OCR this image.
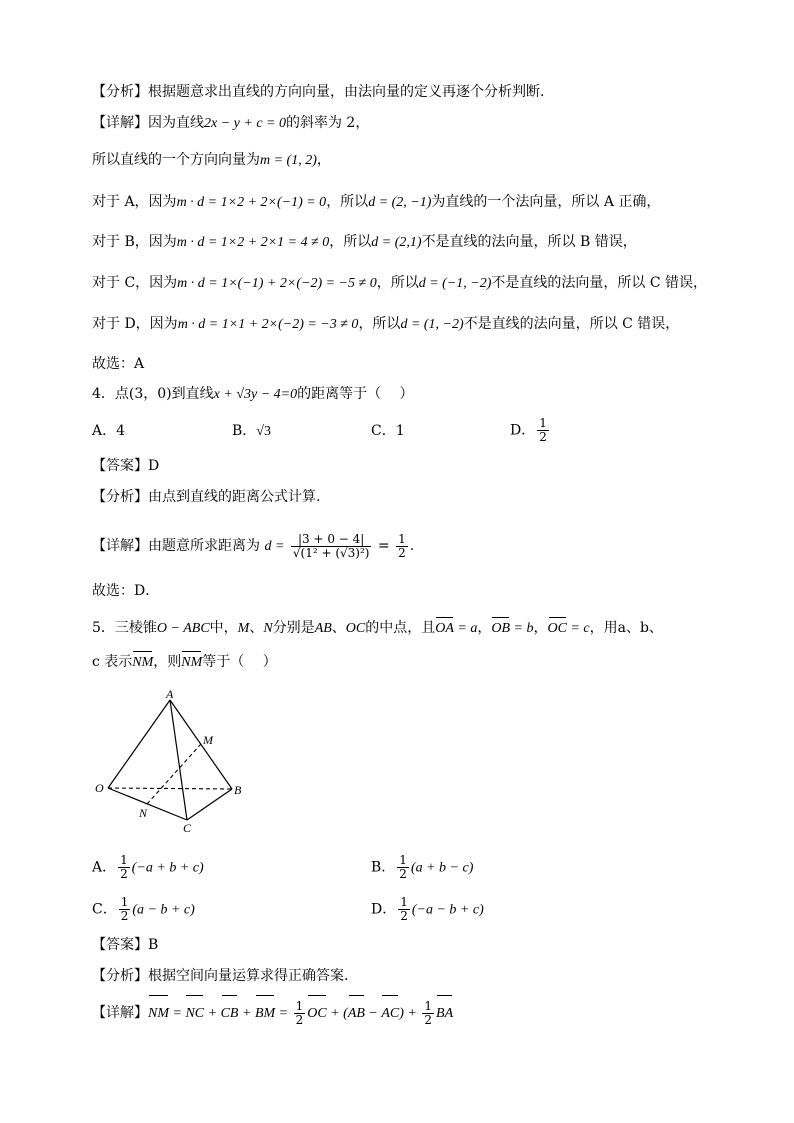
【分析】根据题意求出直线的方向向量，由法向量的定义再逐个分析判断.
【详解】因为直线2x − y + c = 0的斜率为 2，
所以直线的一个方向向量为m = (1, 2)，
对于 A，因为m · d = 1×2 + 2×(−1) = 0，所以d = (2, −1)为直线的一个法向量，所以 A 正确，
对于 B，因为m · d = 1×2 + 2×1 = 4 ≠ 0，所以d = (2,1)不是直线的法向量，所以 B 错误，
对于 C，因为m · d = 1×(−1) + 2×(−2) = −5 ≠ 0，所以d = (−1, −2)不是直线的法向量，所以 C 错误，
对于 D，因为m · d = 1×1 + 2×(−2) = −3 ≠ 0，所以d = (1, −2)不是直线的法向量，所以 C 错误，
故选：A
4．点(3，0)到直线x + √3y − 4=0的距离等于（　 ）
A．4	B．√3	C．1	D． $\frac{1}{2}$
【答案】D
【分析】由点到直线的距离公式计算.
【详解】由题意所求距离为 $d = \frac{|3 + 0 - 4|}{\text{√(1² + (√3)²)}} = \frac{1}{2}$ .
故选：D．
5．三棱锥O − ABC中，M、N分别是AB、OC的中点，且OA = a，OB = b，OC = c，用a、b、
c 表示NM，则NM等于（　 ）
A
M
O	B
N
C
A． $\frac{1}{2} (-a + b + c)$	B． $\frac{1}{2} (a + b - c)$
C． $\frac{1}{2} (a - b + c)$	D． $\frac{1}{2} (-a - b + c)$
【答案】B
【分析】根据空间向量运算求得正确答案.
【详解】NM = NC + CB + BM = $\frac{1}{2}$ OC + $(AB - AC) + \frac{1}{2}$ BA
